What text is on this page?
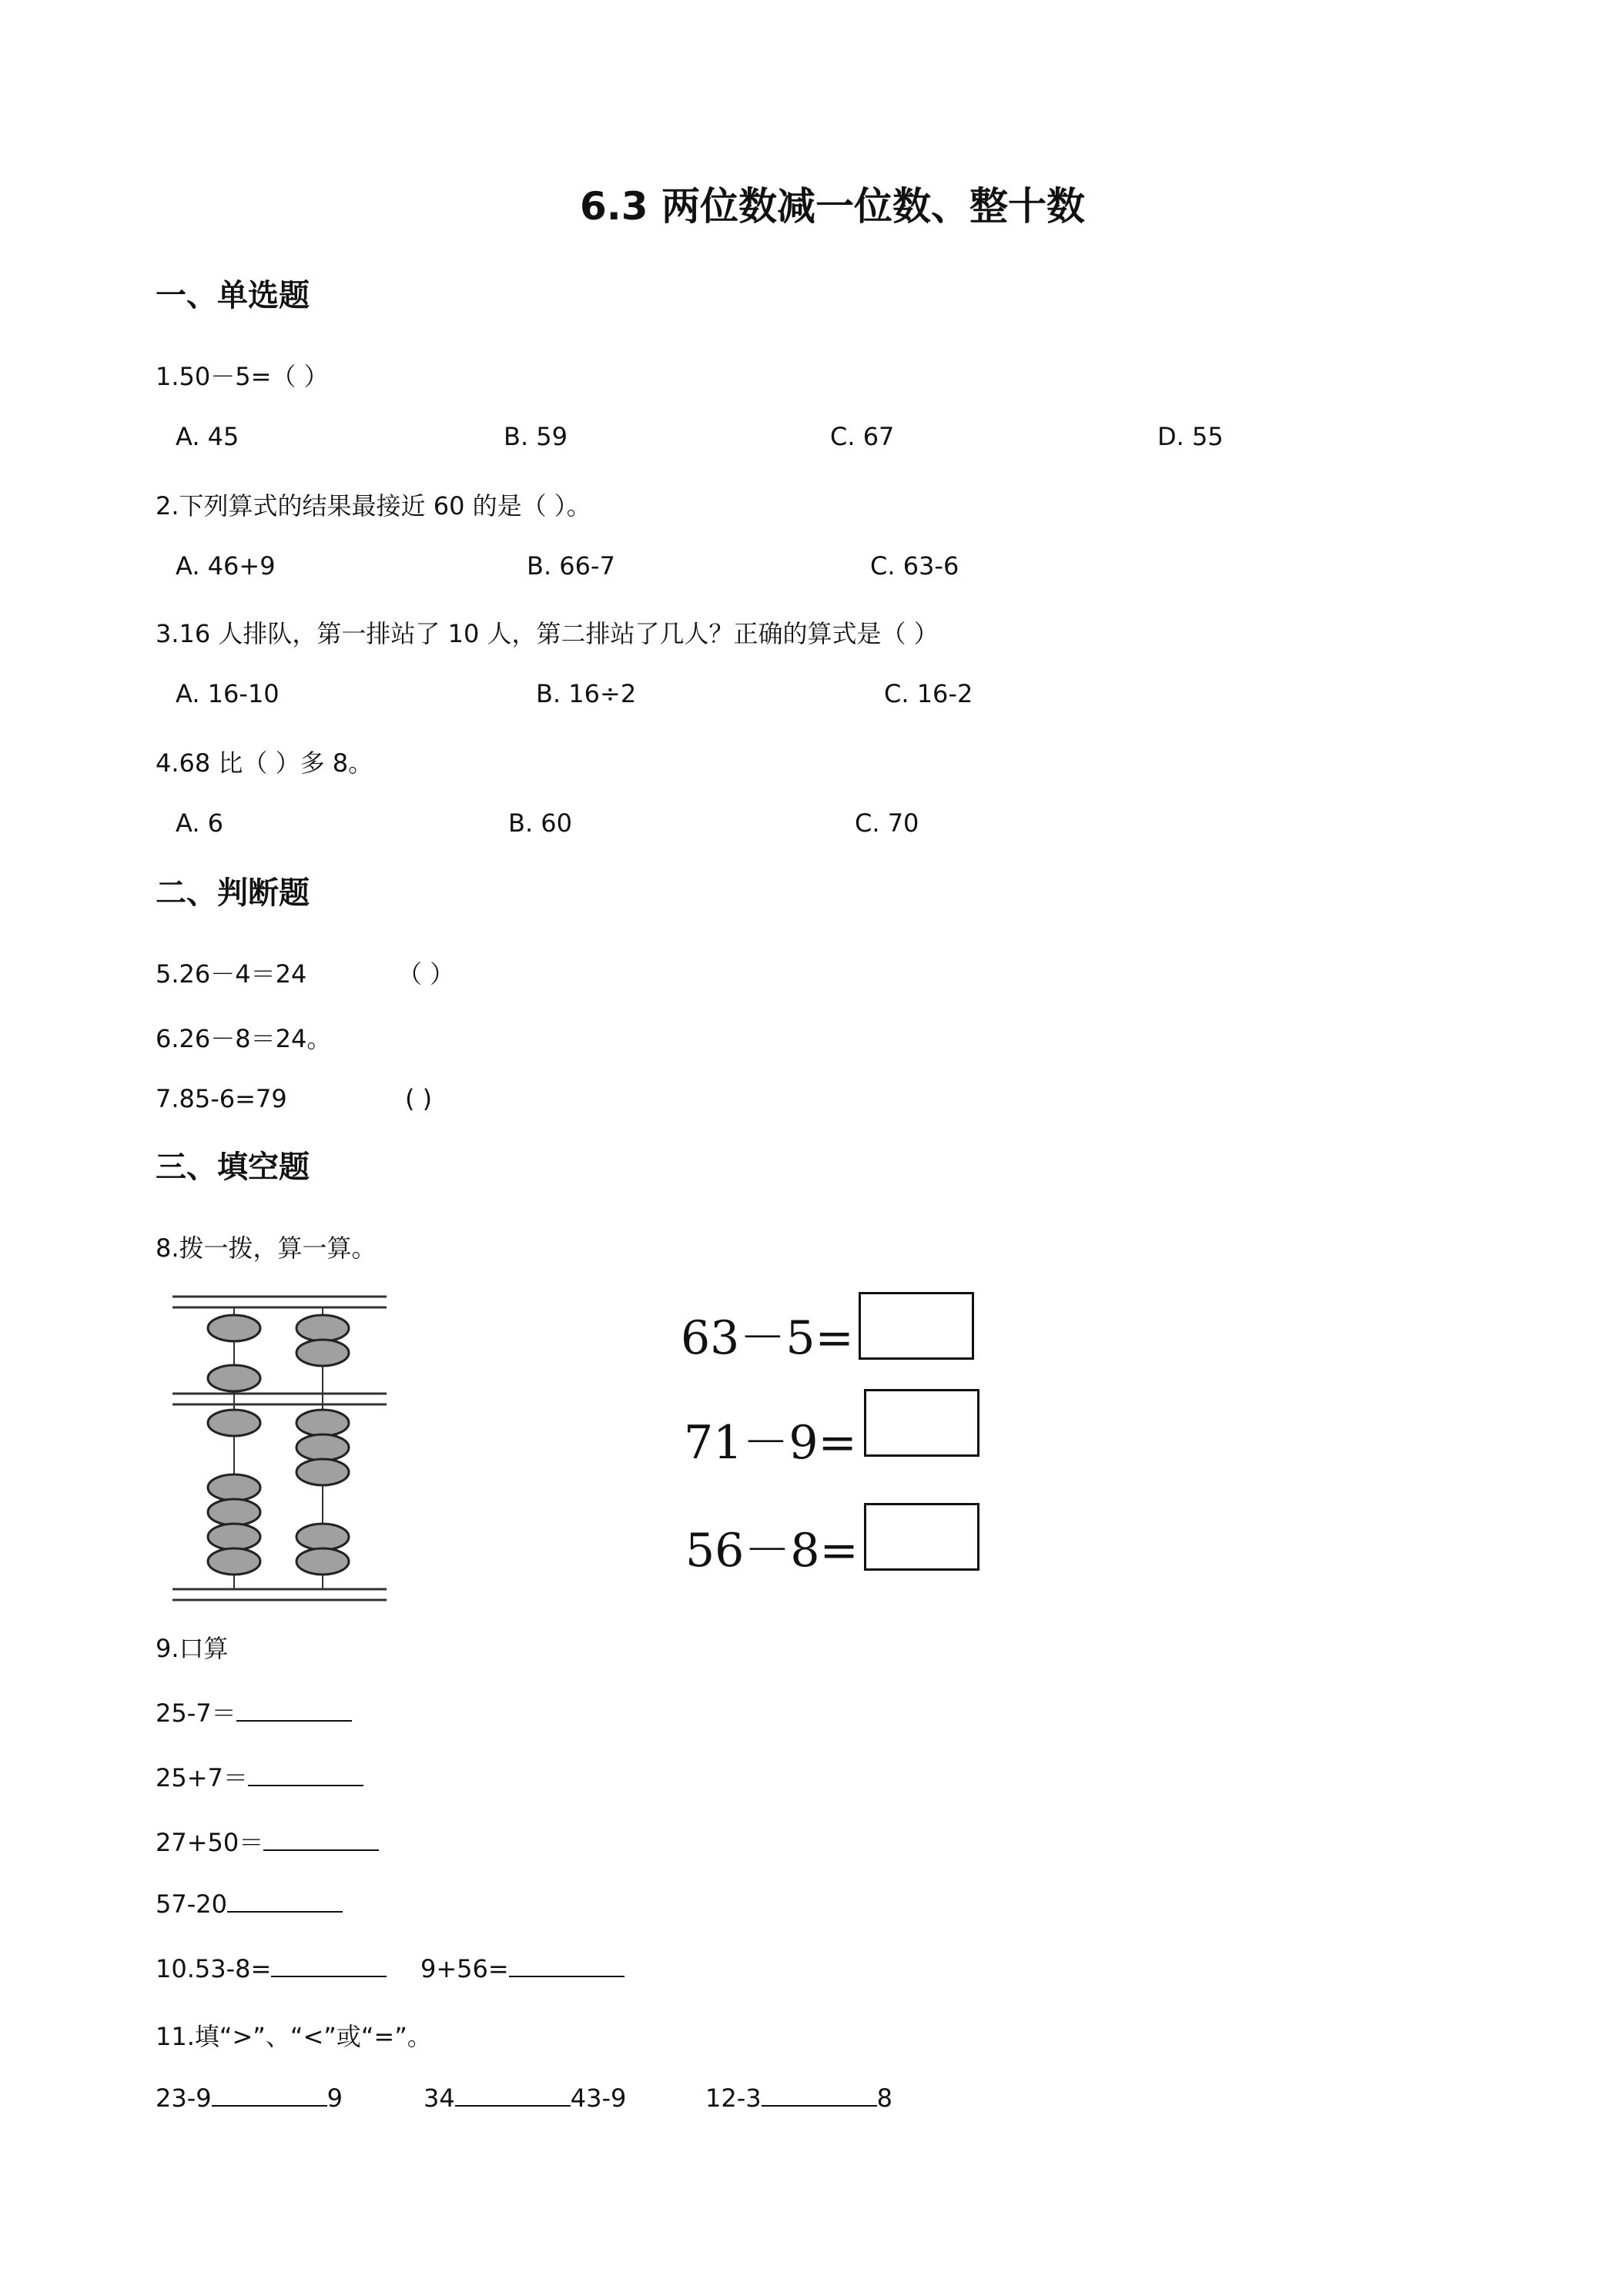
6.3 两位数减一位数、整十数
一、单选题
1.50－5=（ ）
A. 45	B. 59	C. 67	D. 55
2.下列算式的结果最接近 60 的是（ ）。
A. 46+9	B. 66-7	C. 63-6
3.16 人排队，第一排站了 10 人，第二排站了几人？正确的算式是（ ）
A. 16-10	B. 16÷2	C. 16-2
4.68 比（ ）多 8。
A. 6	B. 60	C. 70
二、判断题
5.26－4＝24	（ ）
6.26－8＝24。
7.85-6=79	( )
三、填空题
8.拨一拨，算一算。
63－5=
71－9=
56－8=
9.口算
25-7＝
25+7＝
27+50＝
57-20
10.53-8=	9+56=
11.填“>”、“<”或“=”。
23-9	9	34	43-9	12-3	8
